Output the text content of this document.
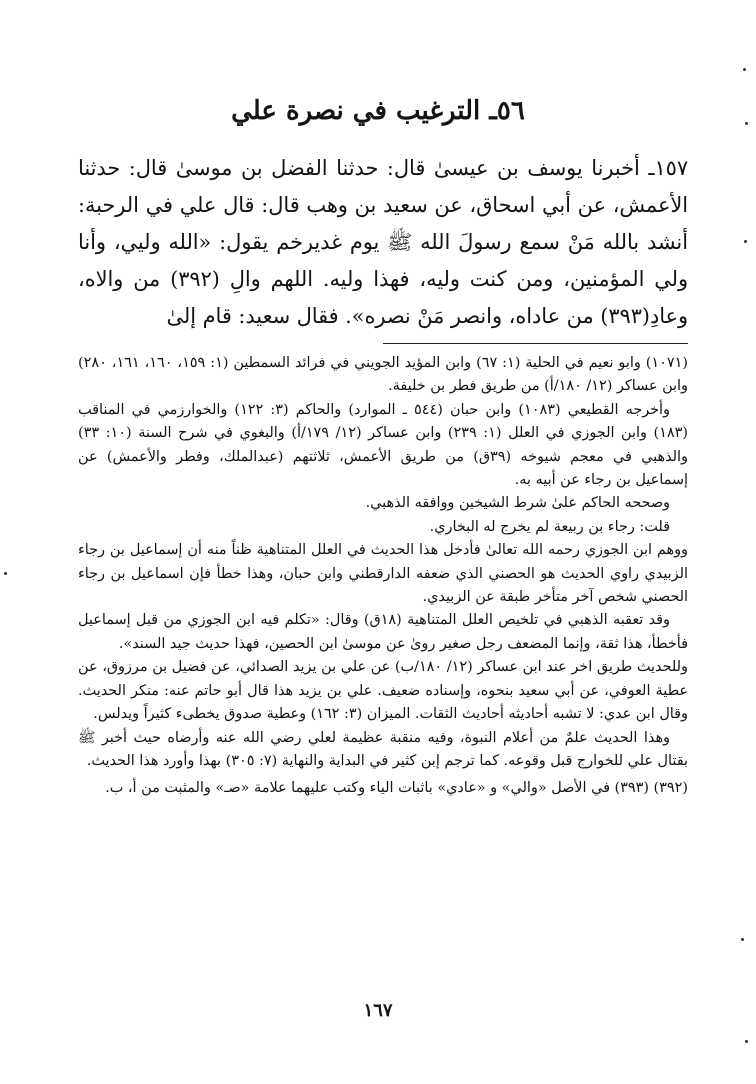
٥٦ـ الترغيب في نصرة علي

١٥٧ـ أخبرنا يوسف بن عيسىٰ قال: حدثنا الفضل بن موسىٰ قال: حدثنا الأعمش، عن أبي اسحاق، عن سعيد بن وهب قال: قال علي في الرحبة: أنشد بالله مَنْ سمع رسولَ الله ﷺ يوم غديرخم يقول: «الله وليي، وأنا ولي المؤمنين، ومن كنت وليه، فهذا وليه. اللهم والِ (٣٩٢) من والاه، وعادِ(٣٩٣) من عاداه، وانصر مَنْ نصره». فقال سعيد: قام إلىٰ

(١٠٧١) وابو نعيم في الحلية (١: ٦٧) وابن المؤيد الجويني في فرائد السمطين (١: ١٥٩، ١٦٠، ١٦١، ٢٨٠) وابن عساكر (١٢/ ١٨٠/أ) من طريق فطر بن خليفة.

وأخرجه القطيعي (١٠٨٣) وابن حبان (٥٤٤ ـ الموارد) والحاكم (٣: ١٢٢) والخوارزمي في المناقب (١٨٣) وابن الجوزي في العلل (١: ٢٣٩) وابن عساكر (١٢/ ١٧٩/أ) والبغوي في شرح السنة (١٠: ٣٣) والذهبي في معجم شيوخه (٣٩ق) من طريق الأعمش، ثلاثتهم (عبدالملك، وفطر والأعمش) عن إسماعيل بن رجاء عن أبيه به.

وصححه الحاكم علىٰ شرط الشيخين ووافقه الذهبي.

قلت: رجاء بن ربيعة لم يخرج له البخاري.

ووهم ابن الجوزي رحمه الله تعالىٰ فأدخل هذا الحديث في العلل المتناهية ظناً منه أن إسماعيل بن رجاء الزبيدي راوي الحديث هو الحصني الذي ضعفه الدارقطني وابن حبان، وهذا خطأ فإن اسماعيل بن رجاء الحصني شخص آخر متأخر طبقة عن الزبيدي.

وقد تعقبه الذهبي في تلخيص العلل المتناهية (١٨ق) وقال: «تكلم فيه ابن الجوزي من قبل إسماعيل فأخطأ، هذا ثقة، وإنما المضعف رجل صغير روىٰ عن موسىٰ ابن الحصين، فهذا حديث جيد السند».

وللحديث طريق اخر عند ابن عساكر (١٢/ ١٨٠/ب) عن علي بن يزيد الصدائي، عن فضيل بن مرزوق، عن عطية العوفي، عن أبي سعيد بنحوه، وإسناده ضعيف. علي بن يزيد هذا قال أبو حاتم عنه: منكر الحديث. وقال ابن عدي: لا تشبه أحاديثه أحاديث الثقات. الميزان (٣: ١٦٢) وعطية صدوق يخطىء كثيراً ويدلس.

وهذا الحديث علمٌ من أعلام النبوة، وفيه منقبة عظيمة لعلي رضي الله عنه وأرضاه حيث أخبر ﷺ بقتال علي للخوارج قبل وقوعه. كما ترجم إبن كثير في البداية والنهاية (٧: ٣٠٥) بهذا وأورد هذا الحديث.

(٣٩٢) (٣٩٣) في الأصل «والي» و «عادي» باثبات الياء وكتب عليهما علامة «صـ» والمثبت من أ، ب.

١٦٧
